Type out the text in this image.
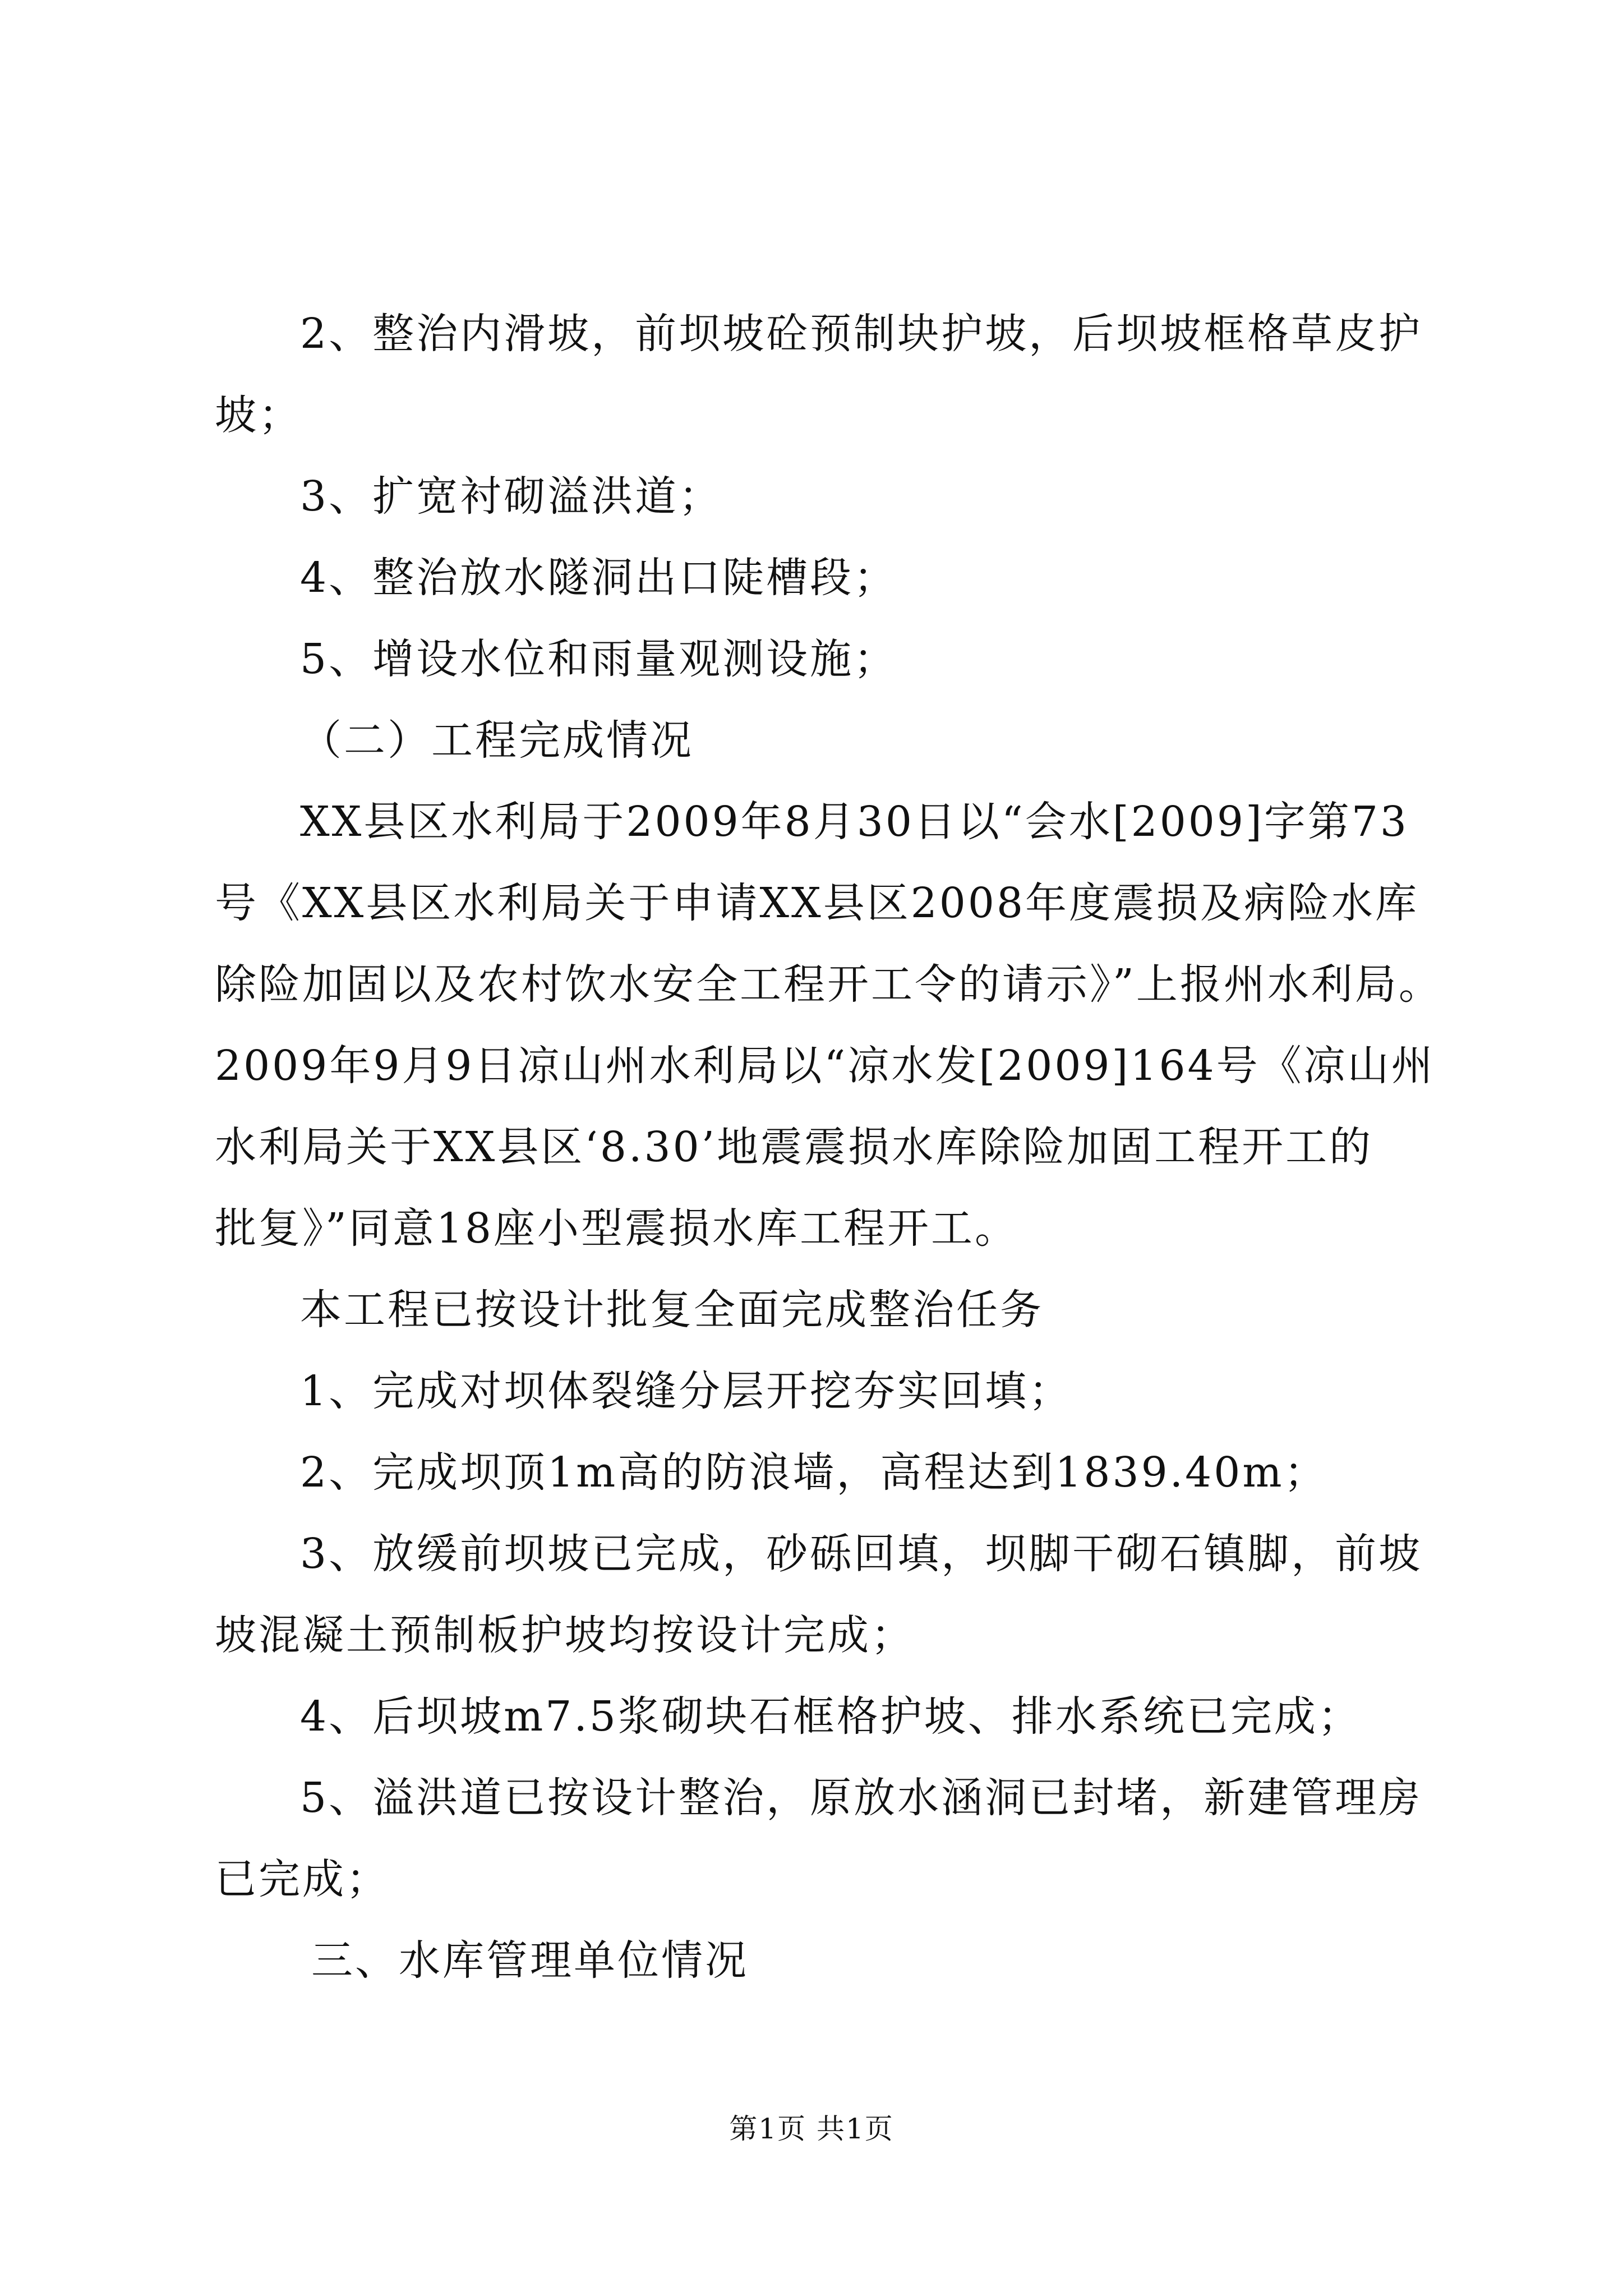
2、整治内滑坡，前坝坡砼预制块护坡，后坝坡框格草皮护
坡；
3、扩宽衬砌溢洪道；
4、整治放水隧洞出口陡槽段；
5、增设水位和雨量观测设施；
（二）工程完成情况
XX县区水利局于2009年8月30日以“会水[2009]字第73
号《XX县区水利局关于申请XX县区2008年度震损及病险水库
除险加固以及农村饮水安全工程开工令的请示》”上报州水利局。
2009年9月9日凉山州水利局以“凉水发[2009]164号《凉山州
水利局关于XX县区‘8.30’地震震损水库除险加固工程开工的
批复》”同意18座小型震损水库工程开工。
本工程已按设计批复全面完成整治任务
1、完成对坝体裂缝分层开挖夯实回填；
2、完成坝顶1m高的防浪墙，高程达到1839.40m；
3、放缓前坝坡已完成，砂砾回填，坝脚干砌石镇脚，前坡
坡混凝土预制板护坡均按设计完成；
4、后坝坡m7.5浆砌块石框格护坡、排水系统已完成；
5、溢洪道已按设计整治，原放水涵洞已封堵，新建管理房
已完成；
三、水库管理单位情况
第1页 共1页
